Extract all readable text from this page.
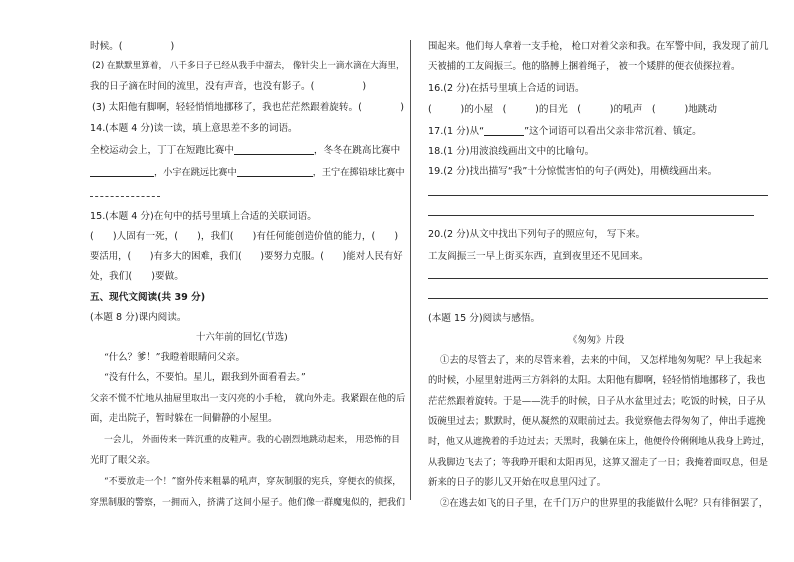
时候。(　　　　　)
(2) 在默默里算着， 八千多日子已经从我手中溜去， 像针尖上一滴水滴在大海里，
我的日子滴在时间的流里，没有声音，也没有影子。(　　　　　)
(3) 太阳他有脚啊，轻轻悄悄地挪移了，我也茫茫然跟着旋转。(　　　　)
14.(本题 4 分)读一读，填上意思差不多的词语。
全校运动会上，丁丁在短跑比赛中	，冬冬在跳高比赛中
，小宇在跳远比赛中	，王宁在掷铅球比赛中
15.(本题 4 分)在句中的括号里填上合适的关联词语。
(　　)人固有一死，(　　)，我们(　　)有任何能创造价值的能力，(　　)
要活用，(　　)有多大的困难，我们(　　)要努力克服。(　　)能对人民有好
处，我们(　　)要做。
五、现代文阅读(共 39 分)
(本题 8 分)课内阅读。
十六年前的回忆(节选)
“什么？爹！”我瞪着眼睛问父亲。
“没有什么，不要怕。星儿，跟我到外面看看去。”
父亲不慌不忙地从抽屉里取出一支闪亮的小手枪， 就向外走。我紧跟在他的后
面，走出院子，暂时躲在一间僻静的小屋里。
一会儿， 外面传来一阵沉重的皮鞋声。我的心剧烈地跳动起来， 用恐怖的目
光盯了眼父亲。
“不要放走一个！”窗外传来粗暴的吼声，穿灰制服的宪兵，穿便衣的侦探，
穿黑制服的警察，一拥而入，挤满了这间小屋子。他们像一群魔鬼似的，把我们
围起来。他们每人拿着一支手枪， 枪口对着父亲和我。在军警中间，我发现了前几
天被捕的工友阎振三。他的胳膊上捆着绳子， 被一个矮胖的便衣侦探拉着。
16.(2 分)在括号里填上合适的词语。
(　　　)的小屋　(　　　)的目光　(　　　)的吼声　(　　　)地跳动
17.(1 分)从“	”这个词语可以看出父亲非常沉着、镇定。
18.(1 分)用波浪线画出文中的比喻句。
19.(2 分)找出描写“我”十分惊慌害怕的句子(两处)，用横线画出来。
20.(2 分)从文中找出下列句子的照应句， 写下来。
工友阎振三一早上街买东西，直到夜里还不见回来。
(本题 15 分)阅读与感悟。
《匆匆》片段
①去的尽管去了，来的尽管来着，去来的中间， 又怎样地匆匆呢？早上我起来
的时候，小屋里射进两三方斜斜的太阳。太阳他有脚啊，轻轻悄悄地挪移了，我也
茫茫然跟着旋转。于是——洗手的时候，日子从水盆里过去；吃饭的时候，日子从
饭碗里过去；默默时，便从凝然的双眼前过去。我觉察他去得匆匆了，伸出手遮挽
时，他又从遮挽着的手边过去；天黑时，我躺在床上，他便伶伶俐俐地从我身上跨过，
从我脚边飞去了；等我睁开眼和太阳再见，这算又溜走了一日；我掩着面叹息，但是
新来的日子的影儿又开始在叹息里闪过了。
②在逃去如飞的日子里，在千门万户的世界里的我能做什么呢？只有徘徊罢了，
